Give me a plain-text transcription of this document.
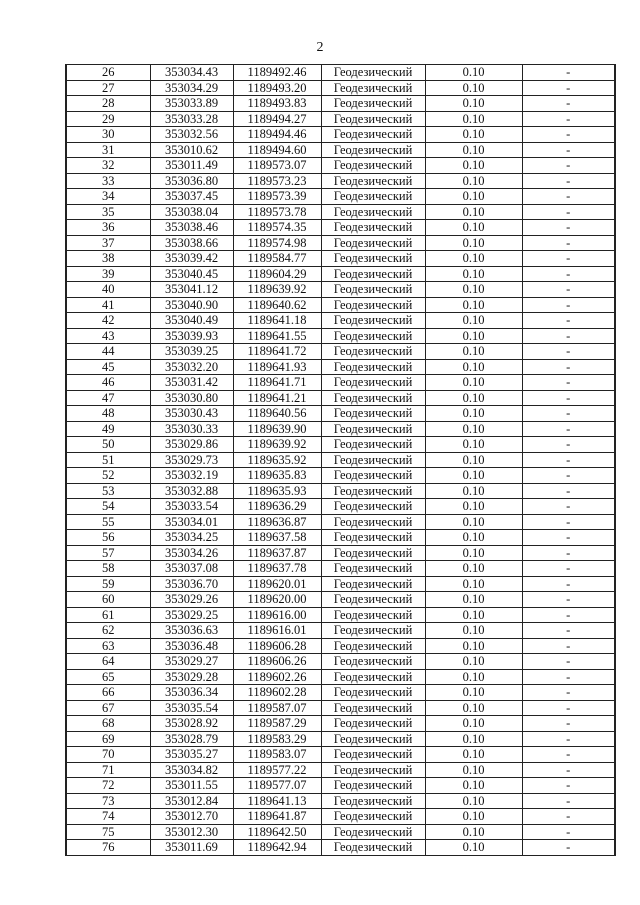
2
26	353034.43	1189492.46	Геодезический	0.10	-
27	353034.29	1189493.20	Геодезический	0.10	-
28	353033.89	1189493.83	Геодезический	0.10	-
29	353033.28	1189494.27	Геодезический	0.10	-
30	353032.56	1189494.46	Геодезический	0.10	-
31	353010.62	1189494.60	Геодезический	0.10	-
32	353011.49	1189573.07	Геодезический	0.10	-
33	353036.80	1189573.23	Геодезический	0.10	-
34	353037.45	1189573.39	Геодезический	0.10	-
35	353038.04	1189573.78	Геодезический	0.10	-
36	353038.46	1189574.35	Геодезический	0.10	-
37	353038.66	1189574.98	Геодезический	0.10	-
38	353039.42	1189584.77	Геодезический	0.10	-
39	353040.45	1189604.29	Геодезический	0.10	-
40	353041.12	1189639.92	Геодезический	0.10	-
41	353040.90	1189640.62	Геодезический	0.10	-
42	353040.49	1189641.18	Геодезический	0.10	-
43	353039.93	1189641.55	Геодезический	0.10	-
44	353039.25	1189641.72	Геодезический	0.10	-
45	353032.20	1189641.93	Геодезический	0.10	-
46	353031.42	1189641.71	Геодезический	0.10	-
47	353030.80	1189641.21	Геодезический	0.10	-
48	353030.43	1189640.56	Геодезический	0.10	-
49	353030.33	1189639.90	Геодезический	0.10	-
50	353029.86	1189639.92	Геодезический	0.10	-
51	353029.73	1189635.92	Геодезический	0.10	-
52	353032.19	1189635.83	Геодезический	0.10	-
53	353032.88	1189635.93	Геодезический	0.10	-
54	353033.54	1189636.29	Геодезический	0.10	-
55	353034.01	1189636.87	Геодезический	0.10	-
56	353034.25	1189637.58	Геодезический	0.10	-
57	353034.26	1189637.87	Геодезический	0.10	-
58	353037.08	1189637.78	Геодезический	0.10	-
59	353036.70	1189620.01	Геодезический	0.10	-
60	353029.26	1189620.00	Геодезический	0.10	-
61	353029.25	1189616.00	Геодезический	0.10	-
62	353036.63	1189616.01	Геодезический	0.10	-
63	353036.48	1189606.28	Геодезический	0.10	-
64	353029.27	1189606.26	Геодезический	0.10	-
65	353029.28	1189602.26	Геодезический	0.10	-
66	353036.34	1189602.28	Геодезический	0.10	-
67	353035.54	1189587.07	Геодезический	0.10	-
68	353028.92	1189587.29	Геодезический	0.10	-
69	353028.79	1189583.29	Геодезический	0.10	-
70	353035.27	1189583.07	Геодезический	0.10	-
71	353034.82	1189577.22	Геодезический	0.10	-
72	353011.55	1189577.07	Геодезический	0.10	-
73	353012.84	1189641.13	Геодезический	0.10	-
74	353012.70	1189641.87	Геодезический	0.10	-
75	353012.30	1189642.50	Геодезический	0.10	-
76	353011.69	1189642.94	Геодезический	0.10	-
